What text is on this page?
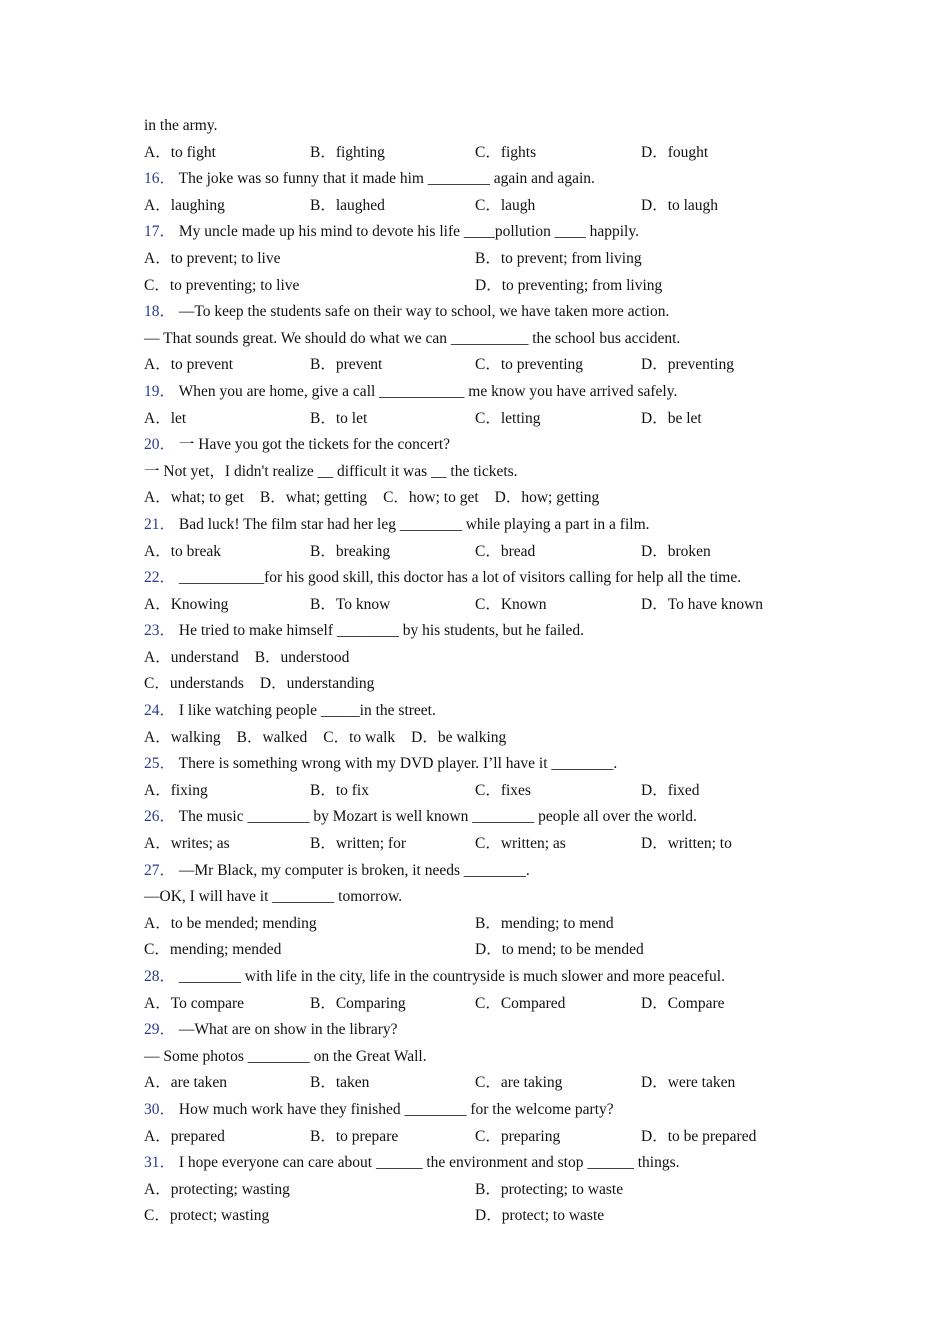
in the army.
A．to fight	B．fighting	C．fights	D．fought
16． The joke was so funny that it made him ________ again and again.
A．laughing	B．laughed	C．laugh	D．to laugh
17． My uncle made up his mind to devote his life ____pollution ____ happily.
A．to prevent; to live	B．to prevent; from living
C．to preventing; to live	D．to preventing; from living
18． —To keep the students safe on their way to school, we have taken more action.
— That sounds great. We should do what we can __________ the school bus accident.
A．to prevent	B．prevent	C．to preventing	D．preventing
19． When you are home, give a call ___________ me know you have arrived safely.
A．let	B．to let	C．letting	D．be let
20． 一 Have you got the tickets for the concert?
一 Not yet，I didn't realize __ difficult it was __ the tickets.
A．what; to get B．what; getting C．how; to get D．how; getting
21． Bad luck! The film star had her leg ________ while playing a part in a film.
A．to break	B．breaking	C．bread	D．broken
22． ___________for his good skill, this doctor has a lot of visitors calling for help all the time.
A．Knowing	B．To know	C．Known	D．To have known
23． He tried to make himself ________ by his students, but he failed.
A．understand B．understood
C．understands D．understanding
24． I like watching people _____in the street.
A．walking B．walked C．to walk D．be walking
25． There is something wrong with my DVD player. I’ll have it ________.
A．fixing	B．to fix	C．fixes	D．fixed
26． The music ________ by Mozart is well known ________ people all over the world.
A．writes; as	B．written; for	C．written; as	D．written; to
27． —Mr Black, my computer is broken, it needs ________.
—OK, I will have it ________ tomorrow.
A．to be mended; mending	B．mending; to mend
C．mending; mended	D．to mend; to be mended
28． ________ with life in the city, life in the countryside is much slower and more peaceful.
A．To compare	B．Comparing	C．Compared	D．Compare
29． —What are on show in the library?
— Some photos ________ on the Great Wall.
A．are taken	B．taken	C．are taking	D．were taken
30． How much work have they finished ________ for the welcome party?
A．prepared	B．to prepare	C．preparing	D．to be prepared
31． I hope everyone can care about ______ the environment and stop ______ things.
A．protecting; wasting	B．protecting; to waste
C．protect; wasting	D．protect; to waste
